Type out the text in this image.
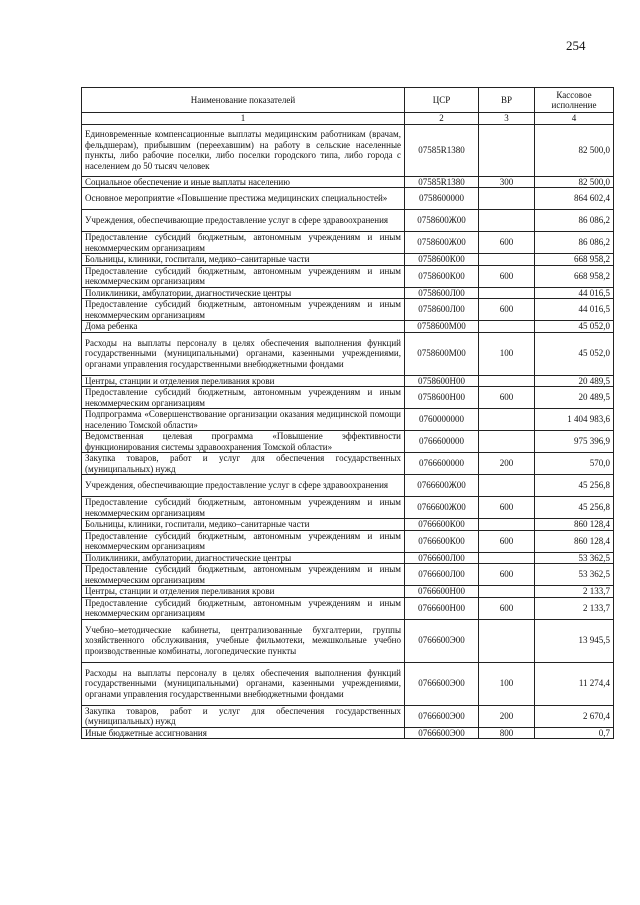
254
Наименование показателей	ЦСР	ВР	Кассовое исполнение
1	2	3	4
Единовременные компенсационные выплаты медицинским работникам (врачам, фельдшерам), прибывшим (переехавшим) на работу в сельские населенные пункты, либо рабочие поселки, либо поселки городского типа, либо города с населением до 50 тысяч человек	07585R1380		82 500,0
Социальное обеспечение и иные выплаты населению	07585R1380	300	82 500,0
Основное мероприятие «Повышение престижа медицинских специальностей»	0758600000		864 602,4
Учреждения, обеспечивающие предоставление услуг в сфере здравоохранения	0758600Ж00		86 086,2
Предоставление субсидий бюджетным, автономным учреждениям и иным некоммерческим организациям	0758600Ж00	600	86 086,2
Больницы, клиники, госпитали, медико–санитарные части	0758600К00		668 958,2
Предоставление субсидий бюджетным, автономным учреждениям и иным некоммерческим организациям	0758600К00	600	668 958,2
Поликлиники, амбулатории, диагностические центры	0758600Л00		44 016,5
Предоставление субсидий бюджетным, автономным учреждениям и иным некоммерческим организациям	0758600Л00	600	44 016,5
Дома ребенка	0758600М00		45 052,0
Расходы на выплаты персоналу в целях обеспечения выполнения функций государственными (муниципальными) органами, казенными учреждениями, органами управления государственными внебюджетными фондами	0758600М00	100	45 052,0
Центры, станции и отделения переливания крови	0758600Н00		20 489,5
Предоставление субсидий бюджетным, автономным учреждениям и иным некоммерческим организациям	0758600Н00	600	20 489,5
Подпрограмма «Совершенствование организации оказания медицинской помощи населению Томской области»	0760000000		1 404 983,6
Ведомственная целевая программа «Повышение эффективности функционирования системы здравоохранения Томской области»	0766600000		975 396,9
Закупка товаров, работ и услуг для обеспечения государственных (муниципальных) нужд	0766600000	200	570,0
Учреждения, обеспечивающие предоставление услуг в сфере здравоохранения	0766600Ж00		45 256,8
Предоставление субсидий бюджетным, автономным учреждениям и иным некоммерческим организациям	0766600Ж00	600	45 256,8
Больницы, клиники, госпитали, медико–санитарные части	0766600К00		860 128,4
Предоставление субсидий бюджетным, автономным учреждениям и иным некоммерческим организациям	0766600К00	600	860 128,4
Поликлиники, амбулатории, диагностические центры	0766600Л00		53 362,5
Предоставление субсидий бюджетным, автономным учреждениям и иным некоммерческим организациям	0766600Л00	600	53 362,5
Центры, станции и отделения переливания крови	0766600Н00		2 133,7
Предоставление субсидий бюджетным, автономным учреждениям и иным некоммерческим организациям	0766600Н00	600	2 133,7
Учебно–методические кабинеты, централизованные бухгалтерии, группы хозяйственного обслуживания, учебные фильмотеки, межшкольные учебно производственные комбинаты, логопедические пункты	0766600Э00		13 945,5
Расходы на выплаты персоналу в целях обеспечения выполнения функций государственными (муниципальными) органами, казенными учреждениями, органами управления государственными внебюджетными фондами	0766600Э00	100	11 274,4
Закупка товаров, работ и услуг для обеспечения государственных (муниципальных) нужд	0766600Э00	200	2 670,4
Иные бюджетные ассигнования	0766600Э00	800	0,7
